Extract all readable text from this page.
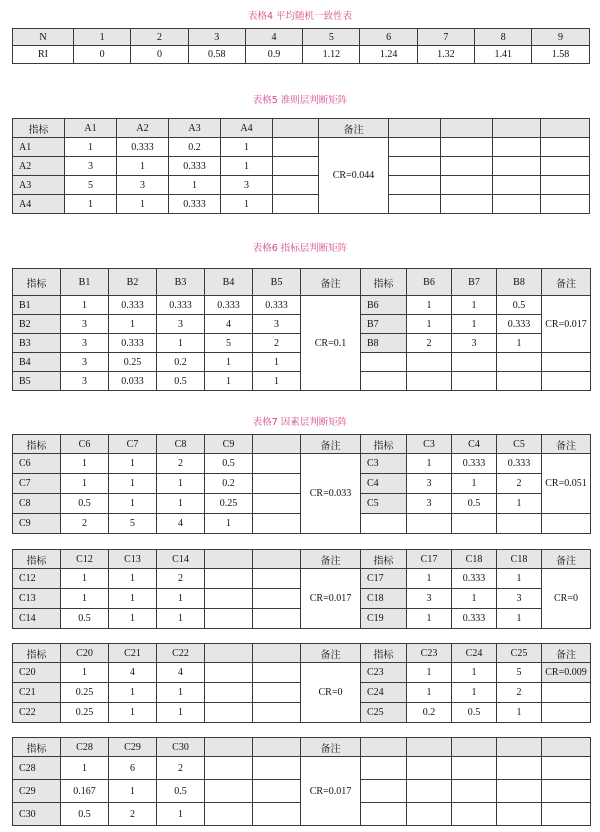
表格4 平均随机一致性表
N	1	2	3	4	5	6	7	8	9
RI	0	0	0.58	0.9	1.12	1.24	1.32	1.41	1.58
表格5 准则层判断矩阵
指标	A1	A2	A3	A4		备注				
A1	1	0.333	0.2	1		CR=0.044				
A2	3	1	0.333	1						
A3	5	3	1	3						
A4	1	1	0.333	1						
表格6 指标层判断矩阵
指标	B1	B2	B3	B4	B5	备注	指标	B6	B7	B8	备注
B1	1	0.333	0.333	0.333	0.333	CR=0.1	B6	1	1	0.5	CR=0.017
B2	3	1	3	4	3		B7	1	1	0.333	
B3	3	0.333	1	5	2		B8	2	3	1	
B4	3	0.25	0.2	1	1						
B5	3	0.033	0.5	1	1						
表格7 因素层判断矩阵
指标	C6	C7	C8	C9		备注	指标	C3	C4	C5	备注
C6	1	1	2	0.5		CR=0.033	C3	1	0.333	0.333	CR=0.051
C7	1	1	1	0.2			C4	3	1	2	
C8	0.5	1	1	0.25			C5	3	0.5	1	
C9	2	5	4	1							
指标	C12	C13	C14			备注	指标	C17	C18	C18	备注
C12	1	1	2			CR=0.017	C17	1	0.333	1	CR=0
C13	1	1	1				C18	3	1	3	
C14	0.5	1	1				C19	1	0.333	1	
指标	C20	C21	C22			备注	指标	C23	C24	C25	备注
C20	1	4	4			CR=0	C23	1	1	5	CR=0.009
C21	0.25	1	1				C24	1	1	2	
C22	0.25	1	1				C25	0.2	0.5	1	
指标	C28	C29	C30			备注					
C28	1	6	2			CR=0.017					
C29	0.167	1	0.5								
C30	0.5	2	1								
